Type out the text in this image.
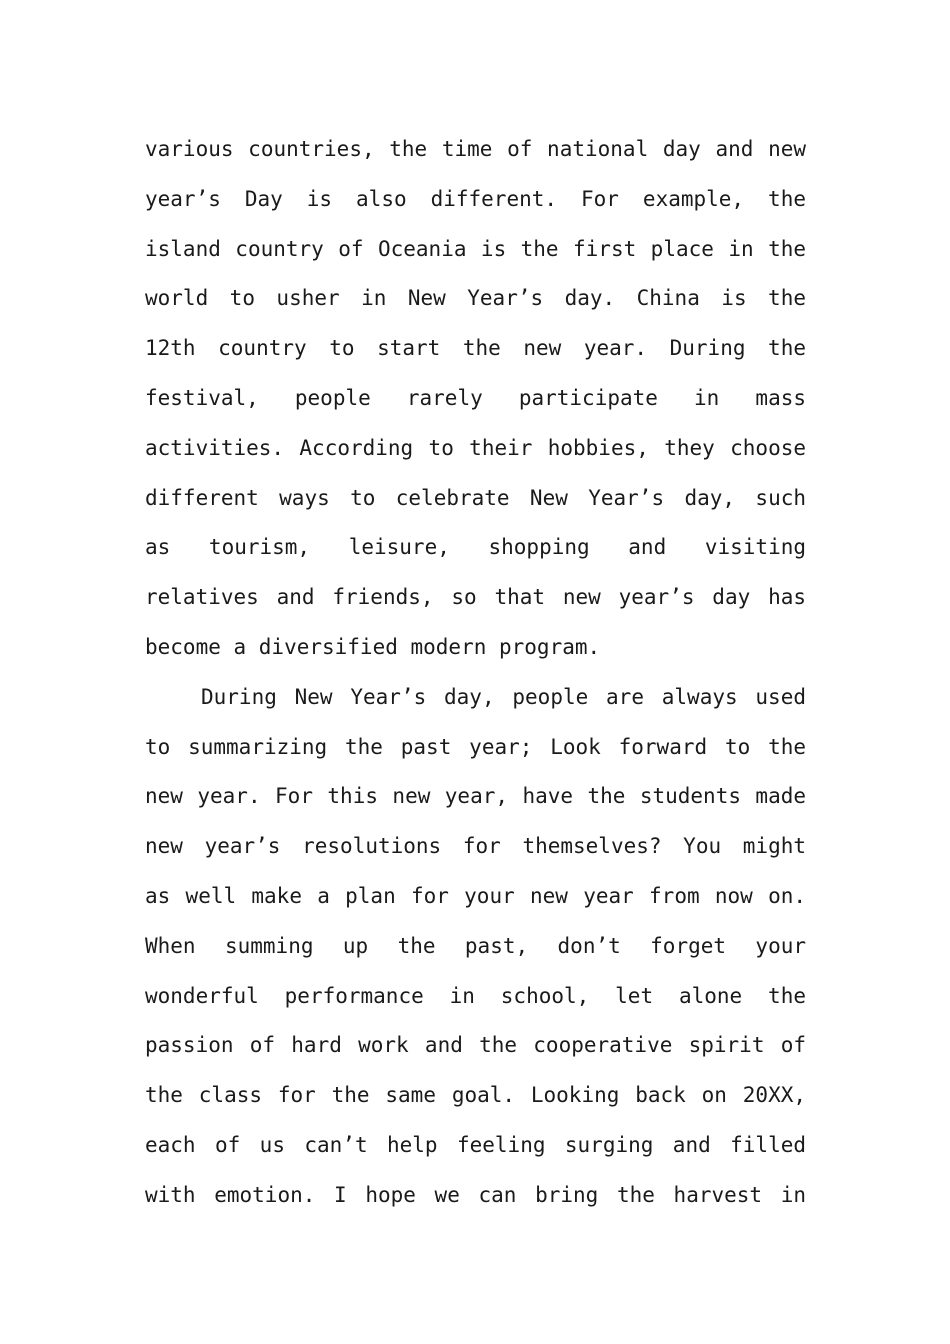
various countries, the time of national day and new
year’s Day is also different. For example, the
island country of Oceania is the first place in the
world to usher in New Year’s day. China is the
12th country to start the new year. During the
festival, people rarely participate in mass
activities. According to their hobbies, they choose
different ways to celebrate New Year’s day, such
as tourism, leisure, shopping and visiting
relatives and friends, so that new year’s day has
become a diversified modern program.
During New Year’s day, people are always used
to summarizing the past year; Look forward to the
new year. For this new year, have the students made
new year’s resolutions for themselves? You might
as well make a plan for your new year from now on.
When summing up the past, don’t forget your
wonderful performance in school, let alone the
passion of hard work and the cooperative spirit of
the class for the same goal. Looking back on 20XX,
each of us can’t help feeling surging and filled
with emotion. I hope we can bring the harvest in
